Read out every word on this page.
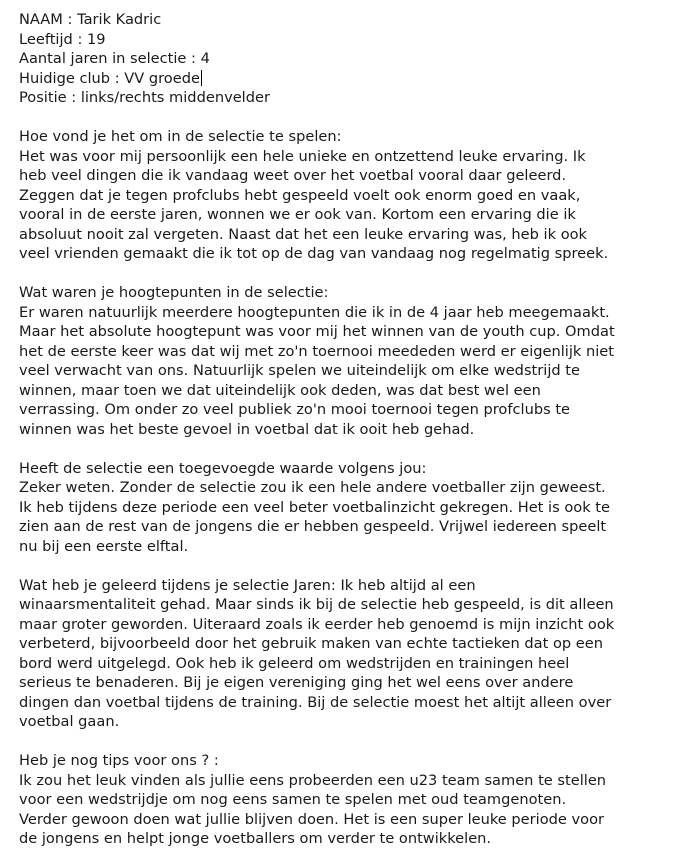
NAAM : Tarik Kadric
Leeftijd : 19
Aantal jaren in selectie : 4
Huidige club : VV groede
Positie : links/rechts middenvelder
Hoe vond je het om in de selectie te spelen:
Het was voor mij persoonlijk een hele unieke en ontzettend leuke ervaring. Ik
heb veel dingen die ik vandaag weet over het voetbal vooral daar geleerd.
Zeggen dat je tegen profclubs hebt gespeeld voelt ook enorm goed en vaak,
vooral in de eerste jaren, wonnen we er ook van. Kortom een ervaring die ik
absoluut nooit zal vergeten. Naast dat het een leuke ervaring was, heb ik ook
veel vrienden gemaakt die ik tot op de dag van vandaag nog regelmatig spreek.
Wat waren je hoogtepunten in de selectie:
Er waren natuurlijk meerdere hoogtepunten die ik in de 4 jaar heb meegemaakt.
Maar het absolute hoogtepunt was voor mij het winnen van de youth cup. Omdat
het de eerste keer was dat wij met zo'n toernooi meededen werd er eigenlijk niet
veel verwacht van ons. Natuurlijk spelen we uiteindelijk om elke wedstrijd te
winnen, maar toen we dat uiteindelijk ook deden, was dat best wel een
verrassing. Om onder zo veel publiek zo'n mooi toernooi tegen profclubs te
winnen was het beste gevoel in voetbal dat ik ooit heb gehad.
Heeft de selectie een toegevoegde waarde volgens jou:
Zeker weten. Zonder de selectie zou ik een hele andere voetballer zijn geweest.
Ik heb tijdens deze periode een veel beter voetbalinzicht gekregen. Het is ook te
zien aan de rest van de jongens die er hebben gespeeld. Vrijwel iedereen speelt
nu bij een eerste elftal.
Wat heb je geleerd tijdens je selectie Jaren: Ik heb altijd al een
winaarsmentaliteit gehad. Maar sinds ik bij de selectie heb gespeeld, is dit alleen
maar groter geworden. Uiteraard zoals ik eerder heb genoemd is mijn inzicht ook
verbeterd, bijvoorbeeld door het gebruik maken van echte tactieken dat op een
bord werd uitgelegd. Ook heb ik geleerd om wedstrijden en trainingen heel
serieus te benaderen. Bij je eigen vereniging ging het wel eens over andere
dingen dan voetbal tijdens de training. Bij de selectie moest het altijt alleen over
voetbal gaan.
Heb je nog tips voor ons ? :
Ik zou het leuk vinden als jullie eens probeerden een u23 team samen te stellen
voor een wedstrijdje om nog eens samen te spelen met oud teamgenoten.
Verder gewoon doen wat jullie blijven doen. Het is een super leuke periode voor
de jongens en helpt jonge voetballers om verder te ontwikkelen.
